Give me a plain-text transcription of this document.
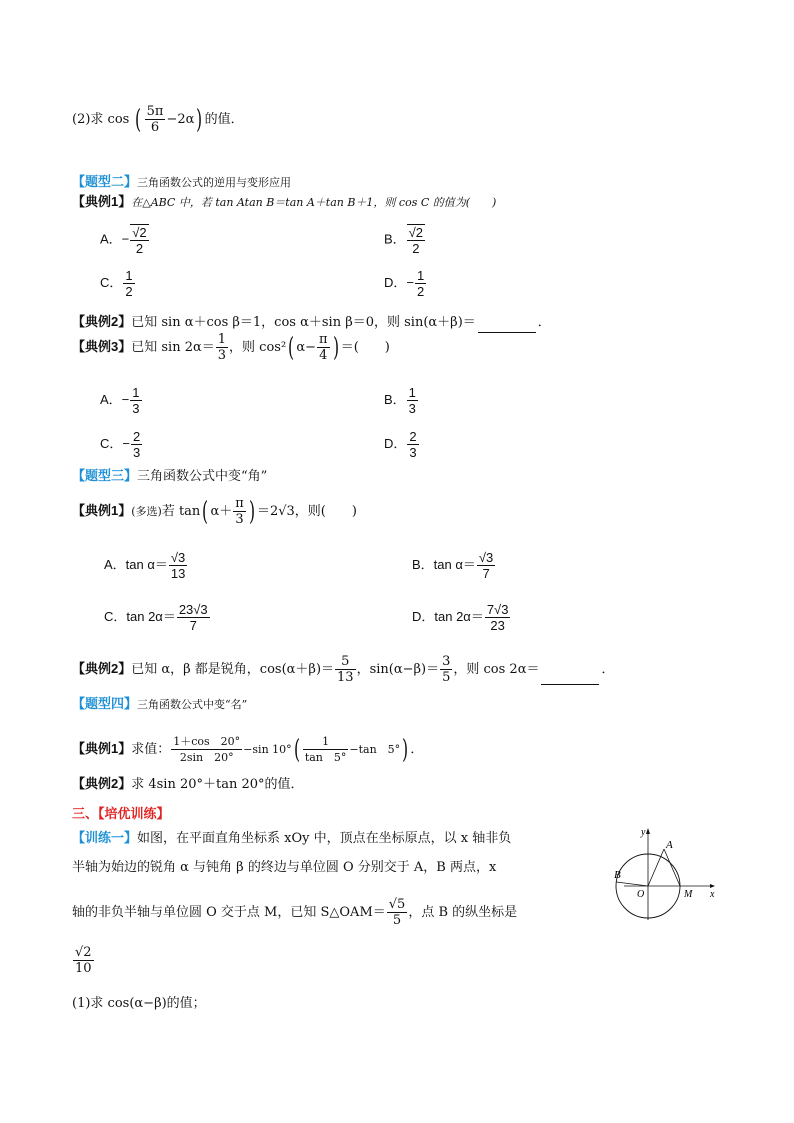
(2)求 cos ( $\frac{5\pi}{6} -2\alpha$) 的值．
【题型二】三角函数公式的逆用与变形应用
【典例1】在△ABC 中，若 tan Atan B＝tan A＋tan B＋1，则 cos C 的值为(　　)
A．− $\frac{√2}{2}$	B． $\frac{√2}{2}$
C． $\frac{1}{2}$	D．− $\frac{1}{2}$
【典例2】已知 sin α＋cos β＝1，cos α＋sin β＝0，则 sin(α＋β)＝	．
【典例3】已知 $\sin 2\alpha= \frac{1}{3}$ ，则 cos²( $\alpha- \frac{\pi}{4}$ ) ＝(　　)
A．− $\frac{1}{3}$	B． $\frac{1}{3}$
C．− $\frac{2}{3}$	D． $\frac{2}{3}$
【题型三】三角函数公式中变“角”
【典例1】(多选)若 tan( $\alpha+ \frac{\pi}{3}$ ) ＝2√3，则(　　)
A．$\tan \alpha= \frac{√3}{13}$	B．$\tan \alpha= \frac{√3}{7}$
C．$\tan 2\alpha= \frac{23√3}{7}$	D．$\tan 2\alpha= \frac{7√3}{23}$
【典例2】已知 α，β 都是锐角，$\cos(\alpha+\beta)= \frac{5}{13}$ ，$\sin(\alpha-\beta)= \frac{3}{5}$ ，则 cos 2α＝	．
【题型四】三角函数公式中变“名”
【典例1】求值： $\frac{1+\cos 20^\circ}{2\sin 20^\circ} -\sin$ $10^\circ( \frac{1}{\tan 5^\circ} -\tan$　5°) ．
【典例2】求 4sin 20°＋tan 20°的值．
三、【培优训练】
【训练一】如图，在平面直角坐标系 xOy 中，顶点在坐标原点，以 x 轴非负
半轴为始边的锐角 α 与钝角 β 的终边与单位圆 O 分别交于 A，B 两点，x
轴的非负半轴与单位圆 O 交于点 M，已知 S△OAM＝ $\frac{√5}{5}$ ，点 B 的纵坐标是
$\frac{√2}{10}$
(1)求 cos(α−β)的值；
y
A
B
O	M x
